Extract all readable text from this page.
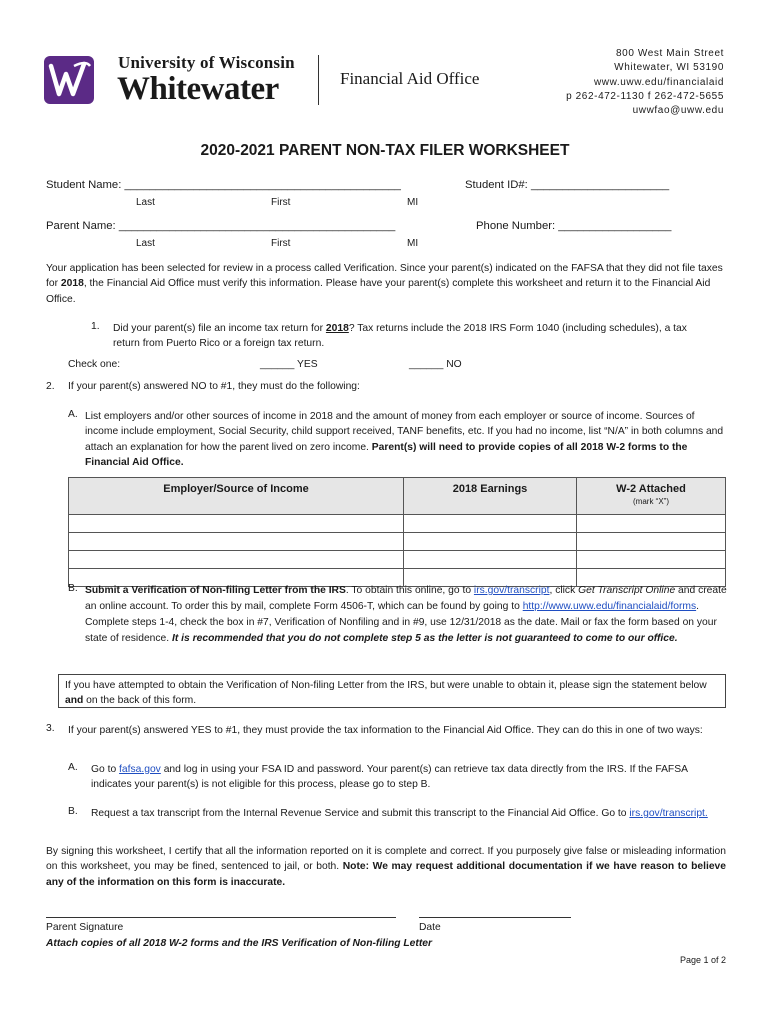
University of Wisconsin
Whitewater	Financial Aid Office
800 West Main Street
Whitewater, WI 53190
www.uww.edu/financialaid
p 262-472-1130 f 262-472-5655
uwwfao@uww.edu
2020-2021 PARENT NON-TAX FILER WORKSHEET
Student Name: ____________________________________________	Student ID#: ______________________
Last	First	MI
Parent Name: ____________________________________________	Phone Number: __________________
Last	First	MI
Your application has been selected for review in a process called Verification. Since your parent(s) indicated on the FAFSA that they did not file taxes for 2018, the Financial Aid Office must verify this information. Please have your parent(s) complete this worksheet and return it to the Financial Aid Office.
1. Did your parent(s) file an income tax return for 2018? Tax returns include the 2018 IRS Form 1040 (including schedules), a tax return from Puerto Rico or a foreign tax return.
Check one:	______ YES	______ NO
2. If your parent(s) answered NO to #1, they must do the following:
A. List employers and/or other sources of income in 2018 and the amount of money from each employer or source of income. Sources of income include employment, Social Security, child support received, TANF benefits, etc. If you had no income, list “N/A” in both columns and attach an explanation for how the parent lived on zero income. Parent(s) will need to provide copies of all 2018 W-2 forms to the Financial Aid Office.
Employer/Source of Income	2018 Earnings	W-2 Attached
(mark “X”)

B. Submit a Verification of Non-filing Letter from the IRS. To obtain this online, go to irs.gov/transcript, click Get Transcript Online and create an online account. To order this by mail, complete Form 4506-T, which can be found by going to http://www.uww.edu/financialaid/forms. Complete steps 1-4, check the box in #7, Verification of Nonfiling and in #9, use 12/31/2018 as the date. Mail or fax the form based on your state of residence. It is recommended that you do not complete step 5 as the letter is not guaranteed to come to our office.
If you have attempted to obtain the Verification of Non-filing Letter from the IRS, but were unable to obtain it, please sign the statement below and on the back of this form.
3. If your parent(s) answered YES to #1, they must provide the tax information to the Financial Aid Office. They can do this in one of two ways:
A. Go to fafsa.gov and log in using your FSA ID and password. Your parent(s) can retrieve tax data directly from the IRS. If the FAFSA indicates your parent(s) is not eligible for this process, please go to step B.
B. Request a tax transcript from the Internal Revenue Service and submit this transcript to the Financial Aid Office. Go to irs.gov/transcript.
By signing this worksheet, I certify that all the information reported on it is complete and correct. If you purposely give false or misleading information on this worksheet, you may be fined, sentenced to jail, or both. Note: We may request additional documentation if we have reason to believe any of the information on this form is inaccurate.
Parent Signature	Date
Attach copies of all 2018 W-2 forms and the IRS Verification of Non-filing Letter
Page 1 of 2
